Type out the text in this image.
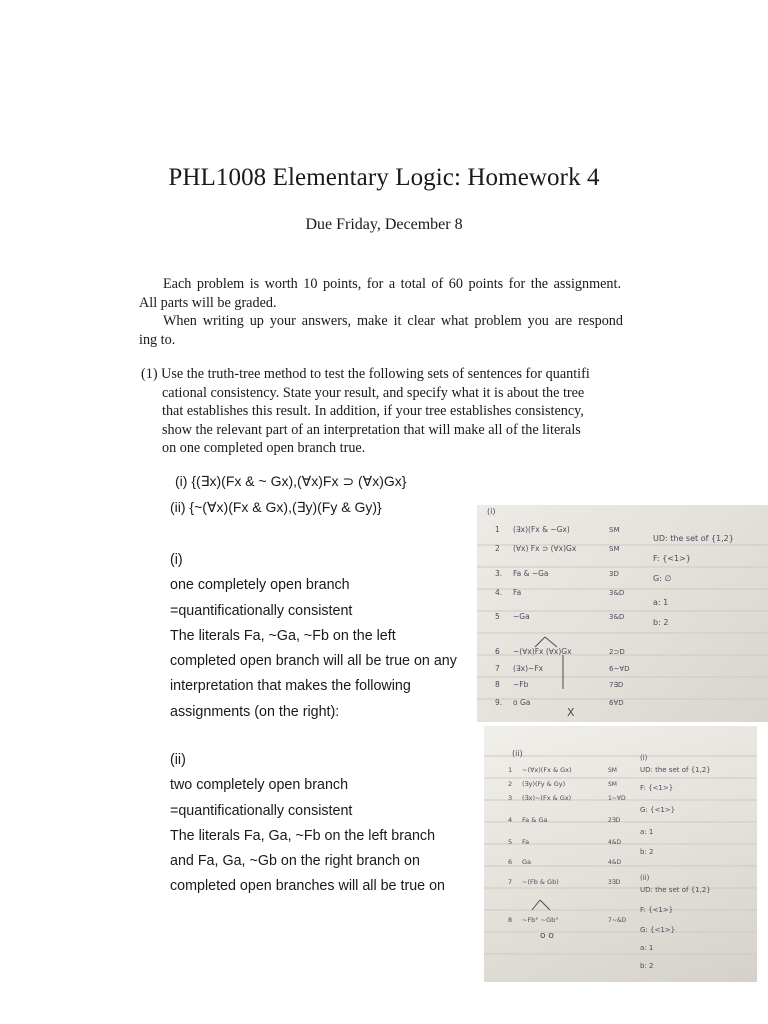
PHL1008 Elementary Logic: Homework 4
Due Friday, December 8
Each problem is worth 10 points, for a total of 60 points for the assignment.
All parts will be graded.
When writing up your answers, make it clear what problem you are respond
ing to.
(1) Use the truth-tree method to test the following sets of sentences for quantifi
cational consistency. State your result, and specify what it is about the tree
that establishes this result. In addition, if your tree establishes consistency,
show the relevant part of an interpretation that will make all of the literals
on one completed open branch true.
(i) {(∃x)(Fx & ~ Gx),(∀x)Fx ⊃ (∀x)Gx}
(ii) {~(∀x)(Fx & Gx),(∃y)(Fy & Gy)}
(i)
one completely open branch
=quantificationally consistent
The literals Fa, ~Ga, ~Fb on the left
completed open branch will all be true on any
interpretation that makes the following
assignments (on the right):
(ii)
two completely open branch
=quantificationally consistent
The literals Fa, Ga, ~Fb on the left branch
and Fa, Ga, ~Gb on the right branch on
completed open branches will all be true on
(i)
1 (∃x)(Fx & ~Gx)	SM
2 (∀x) Fx ⊃ (∀x)Gx	SM
3. Fa & ~Ga	3D
4. Fa	3&D
5 ~Ga	3&D
6 ~(∀x)Fx (∀x)Gx	2⊃D
7 (∃x)~Fx	6~∀D
8 ~Fb	7∃D
9. o Ga	6∀D
X
UD: the set of {1,2}
F: {<1>}
G: ∅
a: 1
b: 2
(ii)
1 ~(∀x)(Fx & Gx)	SM
2 (∃y)(Fy & Gy)	SM
3 (∃x)~(Fx & Gx)	1~∀D
4 Fa & Ga	2∃D
5 Fa	4&D
6 Ga	4&D
7 ~(Fb & Gb)	3∃D
8 ~Fb° ~Gb°	7~&D
o o
(i)
UD: the set of {1,2}
F: {<1>}
G: {<1>}
a: 1
b: 2
(ii)
UD: the set of {1,2}
F: {<1>}
G: {<1>}
a: 1
b: 2
